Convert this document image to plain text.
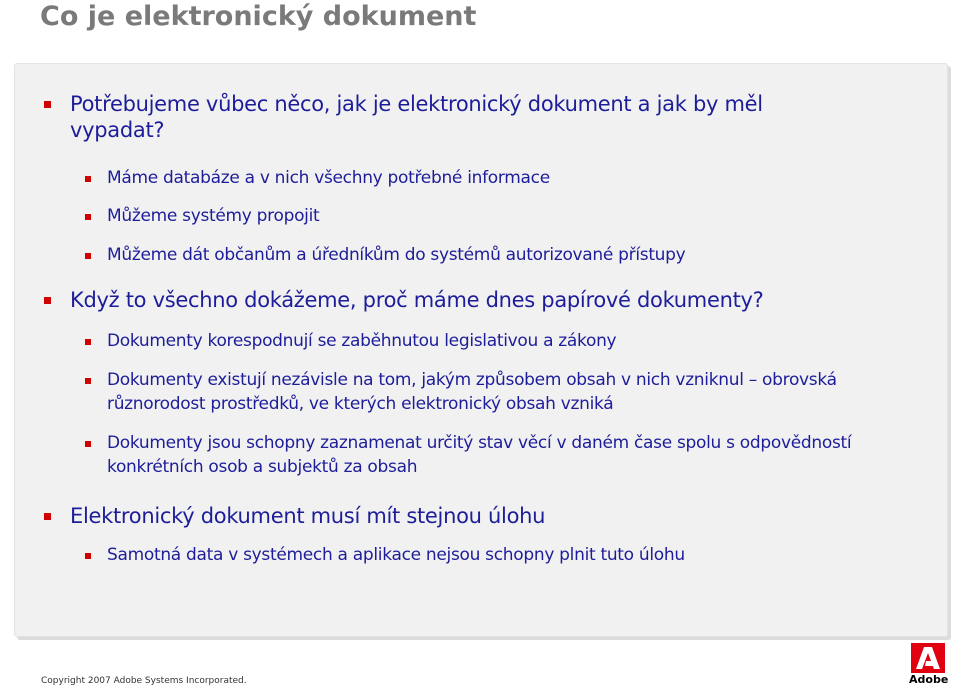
Co je elektronický dokument
Potřebujeme vůbec něco, jak je elektronický dokument a jak by měl vypadat?
Máme databáze a v nich všechny potřebné informace
Můžeme systémy propojit
Můžeme dát občanům a úředníkům do systémů autorizované přístupy
Když to všechno dokážeme, proč máme dnes papírové dokumenty?
Dokumenty korespodnují se zaběhnutou legislativou a zákony
Dokumenty existují nezávisle na tom, jakým způsobem obsah v nich vzniknul – obrovská různorodost prostředků, ve kterých elektronický obsah vzniká
Dokumenty jsou schopny zaznamenat určitý stav věcí v daném čase spolu s odpovědností konkrétních osob a subjektů za obsah
Elektronický dokument musí mít stejnou úlohu
Samotná data v systémech a aplikace nejsou schopny plnit tuto úlohu
Copyright 2007 Adobe Systems Incorporated.	Adobe
